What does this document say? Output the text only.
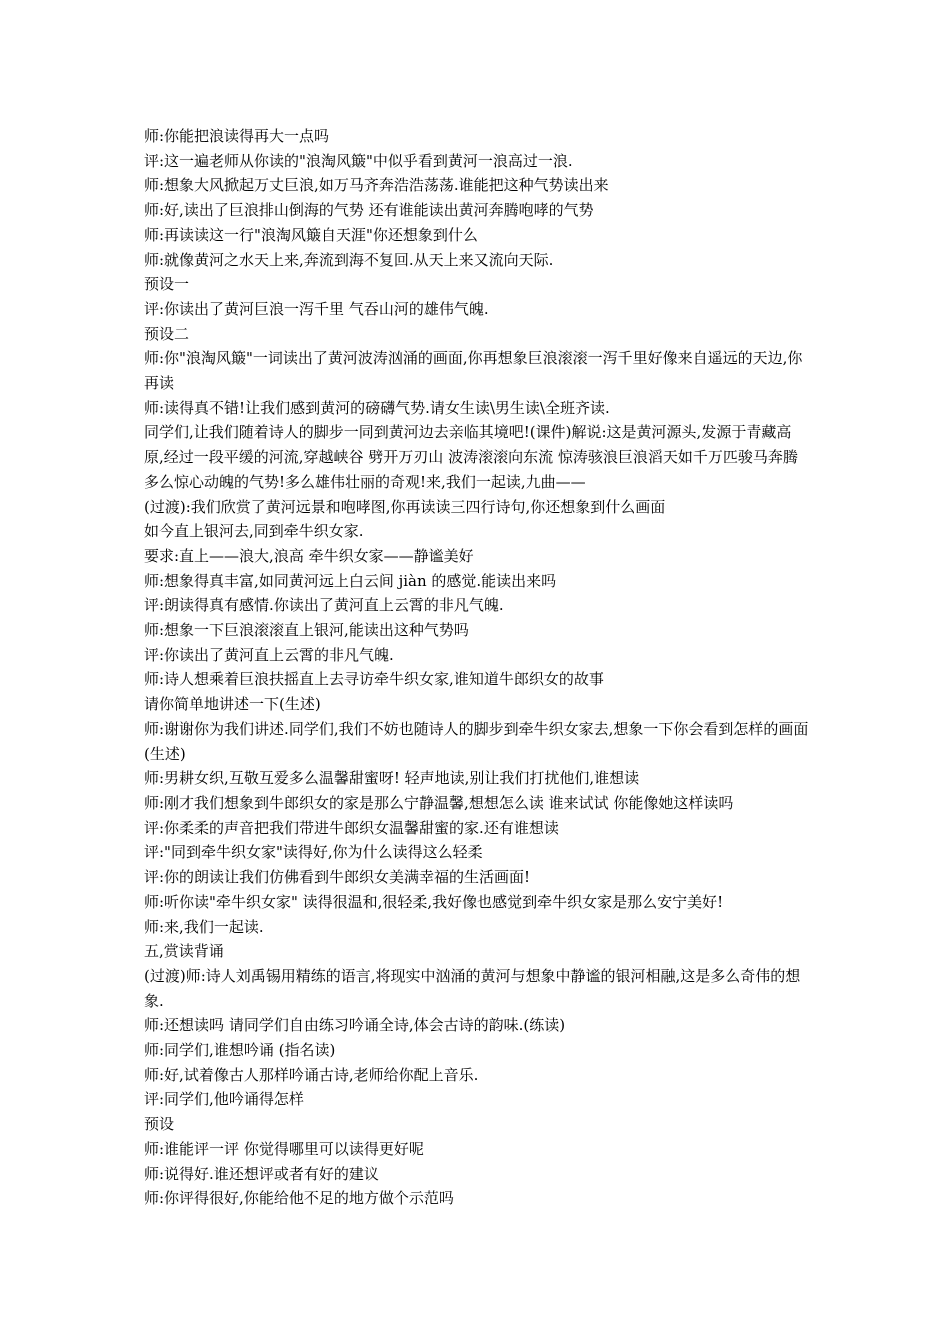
师:你能把浪读得再大一点吗

评:这一遍老师从你读的"浪淘风簸"中似乎看到黄河一浪高过一浪.

师:想象大风掀起万丈巨浪,如万马齐奔浩浩荡荡.谁能把这种气势读出来

师:好,读出了巨浪排山倒海的气势 还有谁能读出黄河奔腾咆哮的气势

师:再读读这一行"浪淘风簸自天涯"你还想象到什么

师:就像黄河之水天上来,奔流到海不复回.从天上来又流向天际.

预设一

评:你读出了黄河巨浪一泻千里 气吞山河的雄伟气魄.

预设二

师:你"浪淘风簸"一词读出了黄河波涛汹涌的画面,你再想象巨浪滚滚一泻千里好像来自遥远的天边,你再读

师:读得真不错!让我们感到黄河的磅礴气势.请女生读\男生读\全班齐读.

同学们,让我们随着诗人的脚步一同到黄河边去亲临其境吧!(课件)解说:这是黄河源头,发源于青藏高原,经过一段平缓的河流,穿越峡谷 劈开万刃山 波涛滚滚向东流 惊涛骇浪巨浪滔天如千万匹骏马奔腾 多么惊心动魄的气势!多么雄伟壮丽的奇观!来,我们一起读,九曲——

(过渡):我们欣赏了黄河远景和咆哮图,你再读读三四行诗句,你还想象到什么画面

如今直上银河去,同到牵牛织女家.

要求:直上——浪大,浪高 牵牛织女家——静谧美好

师:想象得真丰富,如同黄河远上白云间 jiàn 的感觉.能读出来吗

评:朗读得真有感情.你读出了黄河直上云霄的非凡气魄.

师:想象一下巨浪滚滚直上银河,能读出这种气势吗

评:你读出了黄河直上云霄的非凡气魄.

师:诗人想乘着巨浪扶摇直上去寻访牵牛织女家,谁知道牛郎织女的故事

请你简单地讲述一下(生述)

师:谢谢你为我们讲述.同学们,我们不妨也随诗人的脚步到牵牛织女家去,想象一下你会看到怎样的画面 (生述)

师:男耕女织,互敬互爱多么温馨甜蜜呀! 轻声地读,别让我们打扰他们,谁想读

师:刚才我们想象到牛郎织女的家是那么宁静温馨,想想怎么读 谁来试试 你能像她这样读吗

评:你柔柔的声音把我们带进牛郎织女温馨甜蜜的家.还有谁想读

评:"同到牵牛织女家"读得好,你为什么读得这么轻柔

评:你的朗读让我们仿佛看到牛郎织女美满幸福的生活画面!

师:听你读"牵牛织女家" 读得很温和,很轻柔,我好像也感觉到牵牛织女家是那么安宁美好!

师:来,我们一起读.

五,赏读背诵

(过渡)师:诗人刘禹锡用精练的语言,将现实中汹涌的黄河与想象中静谧的银河相融,这是多么奇伟的想象.

师:还想读吗 请同学们自由练习吟诵全诗,体会古诗的韵味.(练读)

师:同学们,谁想吟诵 (指名读)

师:好,试着像古人那样吟诵古诗,老师给你配上音乐.

评:同学们,他吟诵得怎样

预设

师:谁能评一评 你觉得哪里可以读得更好呢

师:说得好.谁还想评或者有好的建议

师:你评得很好,你能给他不足的地方做个示范吗
